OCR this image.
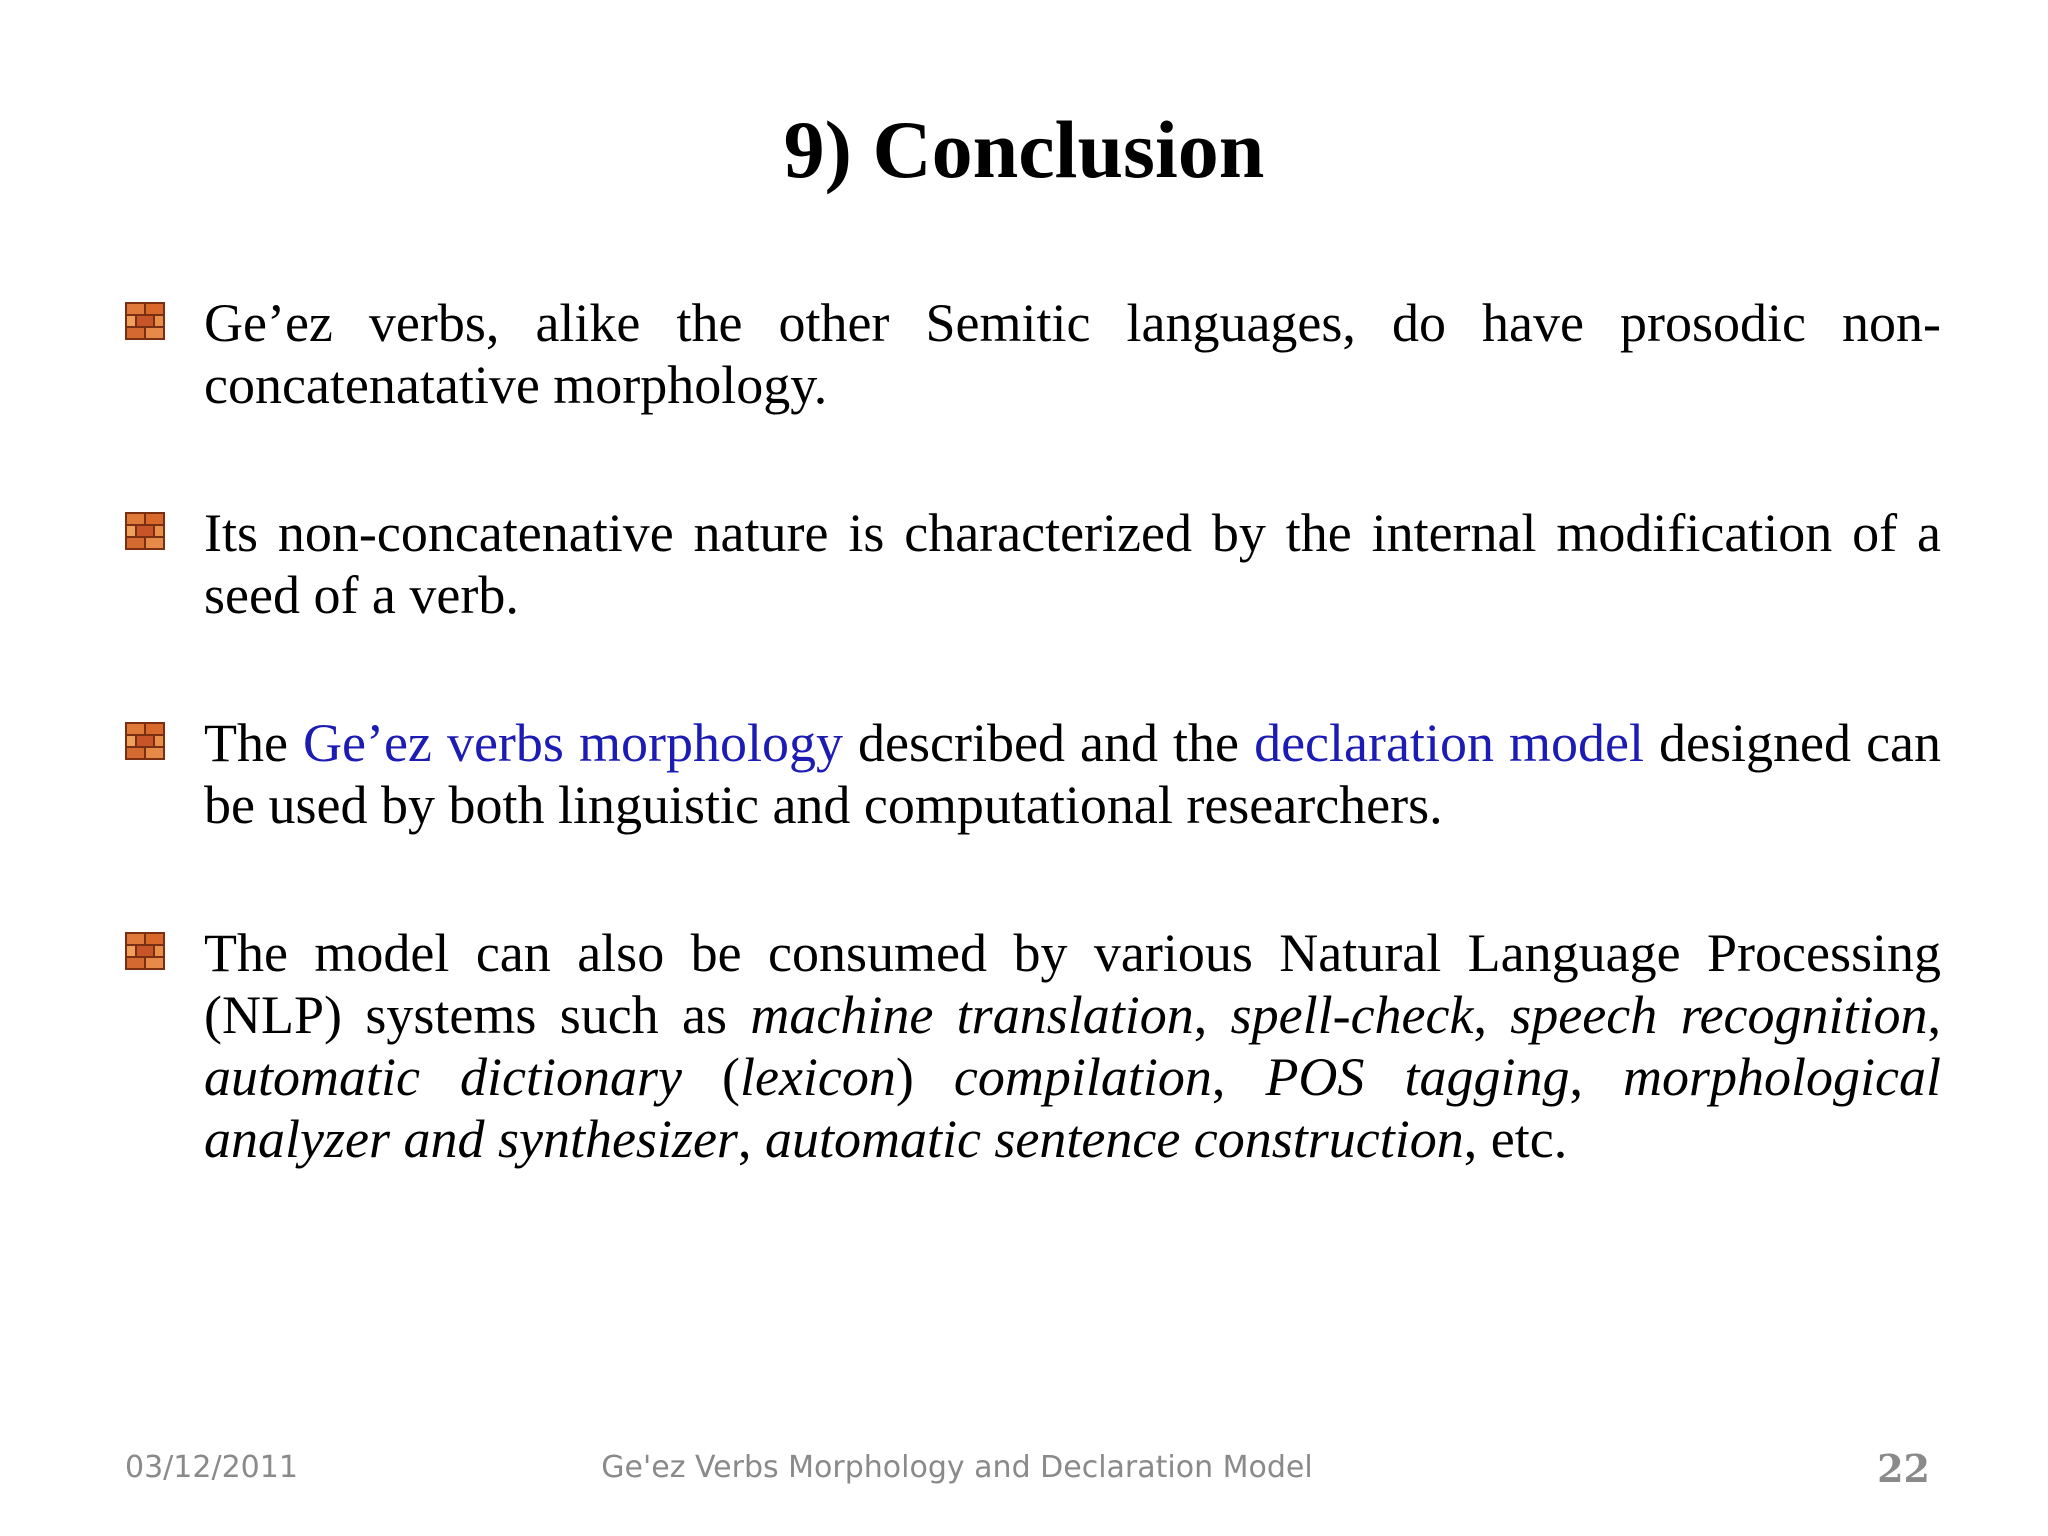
9) Conclusion
Ge’ez verbs, alike the other Semitic languages, do have prosodic non-concatenatative morphology.
Its non-concatenative nature is characterized by the internal modification of a seed of a verb.
The Ge’ez verbs morphology described and the declaration model designed can be used by both linguistic and computational researchers.
The model can also be consumed by various Natural Language Processing (NLP) systems such as machine translation, spell-check, speech recognition, automatic dictionary (lexicon) compilation, POS tagging, morphological analyzer and synthesizer, automatic sentence construction, etc.
03/12/2011	Ge'ez Verbs Morphology and Declaration Model	22
